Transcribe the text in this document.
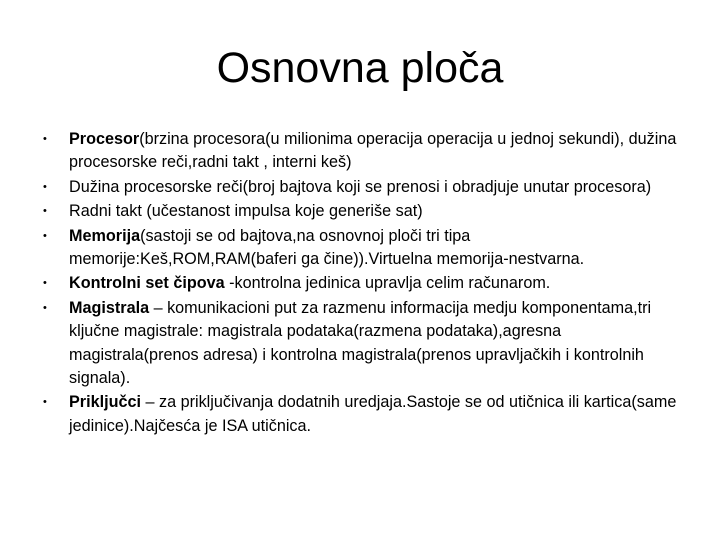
Osnovna ploča
• Procesor(brzina procesora(u milionima operacija operacija u jednoj sekundi), dužina procesorske reči,radni takt , interni keš)
• Dužina procesorske reči(broj bajtova koji se prenosi i obradjuje unutar procesora)
• Radni takt (učestanost impulsa koje generiše sat)
• Memorija(sastoji se od bajtova,na osnovnoj ploči tri tipa memorije:Keš,ROM,RAM(baferi ga čine)).Virtuelna memorija-nestvarna.
• Kontrolni set čipova -kontrolna jedinica upravlja celim računarom.
• Magistrala – komunikacioni put za razmenu informacija medju komponentama,tri ključne magistrale: magistrala podataka(razmena podataka),agresna magistrala(prenos adresa) i kontrolna magistrala(prenos upravljačkih i kontrolnih signala).
• Priključci – za priključivanja dodatnih uredjaja.Sastoje se od utičnica ili kartica(same jedinice).Najčesća je ISA utičnica.
